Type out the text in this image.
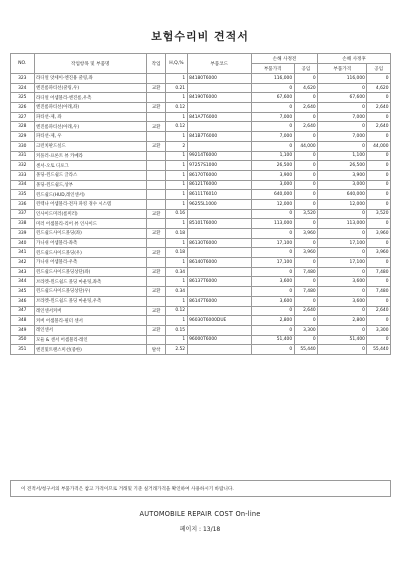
보험수리비 견적서
NO.	작업항목 및 부품명	작업	H,Q,%	부품코드	손해 사정전		손해 사정후	
					부품가격	공임	부품가격	공임
323	라디얼 앗세이-엔진용 쿨링,좌		1	84180T6000	116,000	0	116,000	0
324	엔진룸파티션(쿨링,우)	교환	0.21		0	4,620	0	4,620
325	라디얼 어셈블리-엔진룸,우측		1	84190T6000	67,600	0	67,600	0
326	엔진룸파티션(아래,좌)	교환	0.12		0	2,640	0	2,640
327	파티션-제, 좌		1	841A7T6000	7,000	0	7,000	0
328	엔진룸파티션(아래,우)	교환	0.12		0	2,640	0	2,640
329	파티션-제, 우		1	841B7T6000	7,000	0	7,000	0
330	크런치판드실드	교환	2		0	44,000	0	44,000
331	커플러-프론트 뷰 카메라		1	99214T6000	1,100	0	1,100	0
332	센서-오토 디포그		1	97257S1000	26,500	0	26,500	0
333	몰딩-윈드쉴드 글라스		1	86170T6000	3,900	0	3,900	0
334	몰딩-윈드쉴드,상부		1	86121T6000	3,000	0	3,000	0
335	윈드쉴드(HUD,레인센서)		1	86111T6010	640,000	0	640,000	0
336	윈텍나 어셈블리-전자 파킹 경수 시스템		1	96255L1000	12,000	0	12,000	0
337	인사이드미러(룸미러)	교환	0.16		0	3,520	0	3,520
338	미러 어셈블리-리어 뷰 인사이드		1	85101T6000	113,000	0	113,000	0
339	윈드쉴드사이드몰딩(좌)	교환	0.18		0	3,960	0	3,960
340	가니쉬 어셈블리-좌측		1	86130T6000	17,100	0	17,100	0
341	윈드쉴드사이드몰딩(우)	교환	0.18		0	3,960	0	3,960
342	가니쉬 어셈블리-우측		1	86140T6000	17,100	0	17,100	0
343	윈드쉴드사이드몰딩상단(좌)	교환	0.34		0	7,480	0	7,480
344	브라켓-윈드쉴드 몰딩 마운팅,좌측		1	86137T6000	3,600	0	3,600	0
345	윈드쉴드사이드몰딩상단(우)	교환	0.34		0	7,480	0	7,480
346	브라켓-윈드쉴드 몰딩 마운팅,우측		1	86147T6000	3,600	0	3,600	0
347	레인센서커버	교환	0.12		0	2,640	0	2,640
348	커버 어셈블리-필터 센서		1	96030T6000DUE	2,800	0	2,800	0
349	레인센서	교환	0.15		0	3,300	0	3,300
350	모듈 & 센서 어셈블리-레인		1	96000T6000	51,400	0	51,400	0
351	엔진및트랜스미션(중한)	탈착	2.52		0	55,440	0	55,440
이 견적서/청구서의 부품가격은 참고 가격이므로 거래및 기준 실거래가격을 확인하여 사용하시기 바랍니다.
AUTOMOBILE REPAIR COST On-line
페이지 : 13/18
